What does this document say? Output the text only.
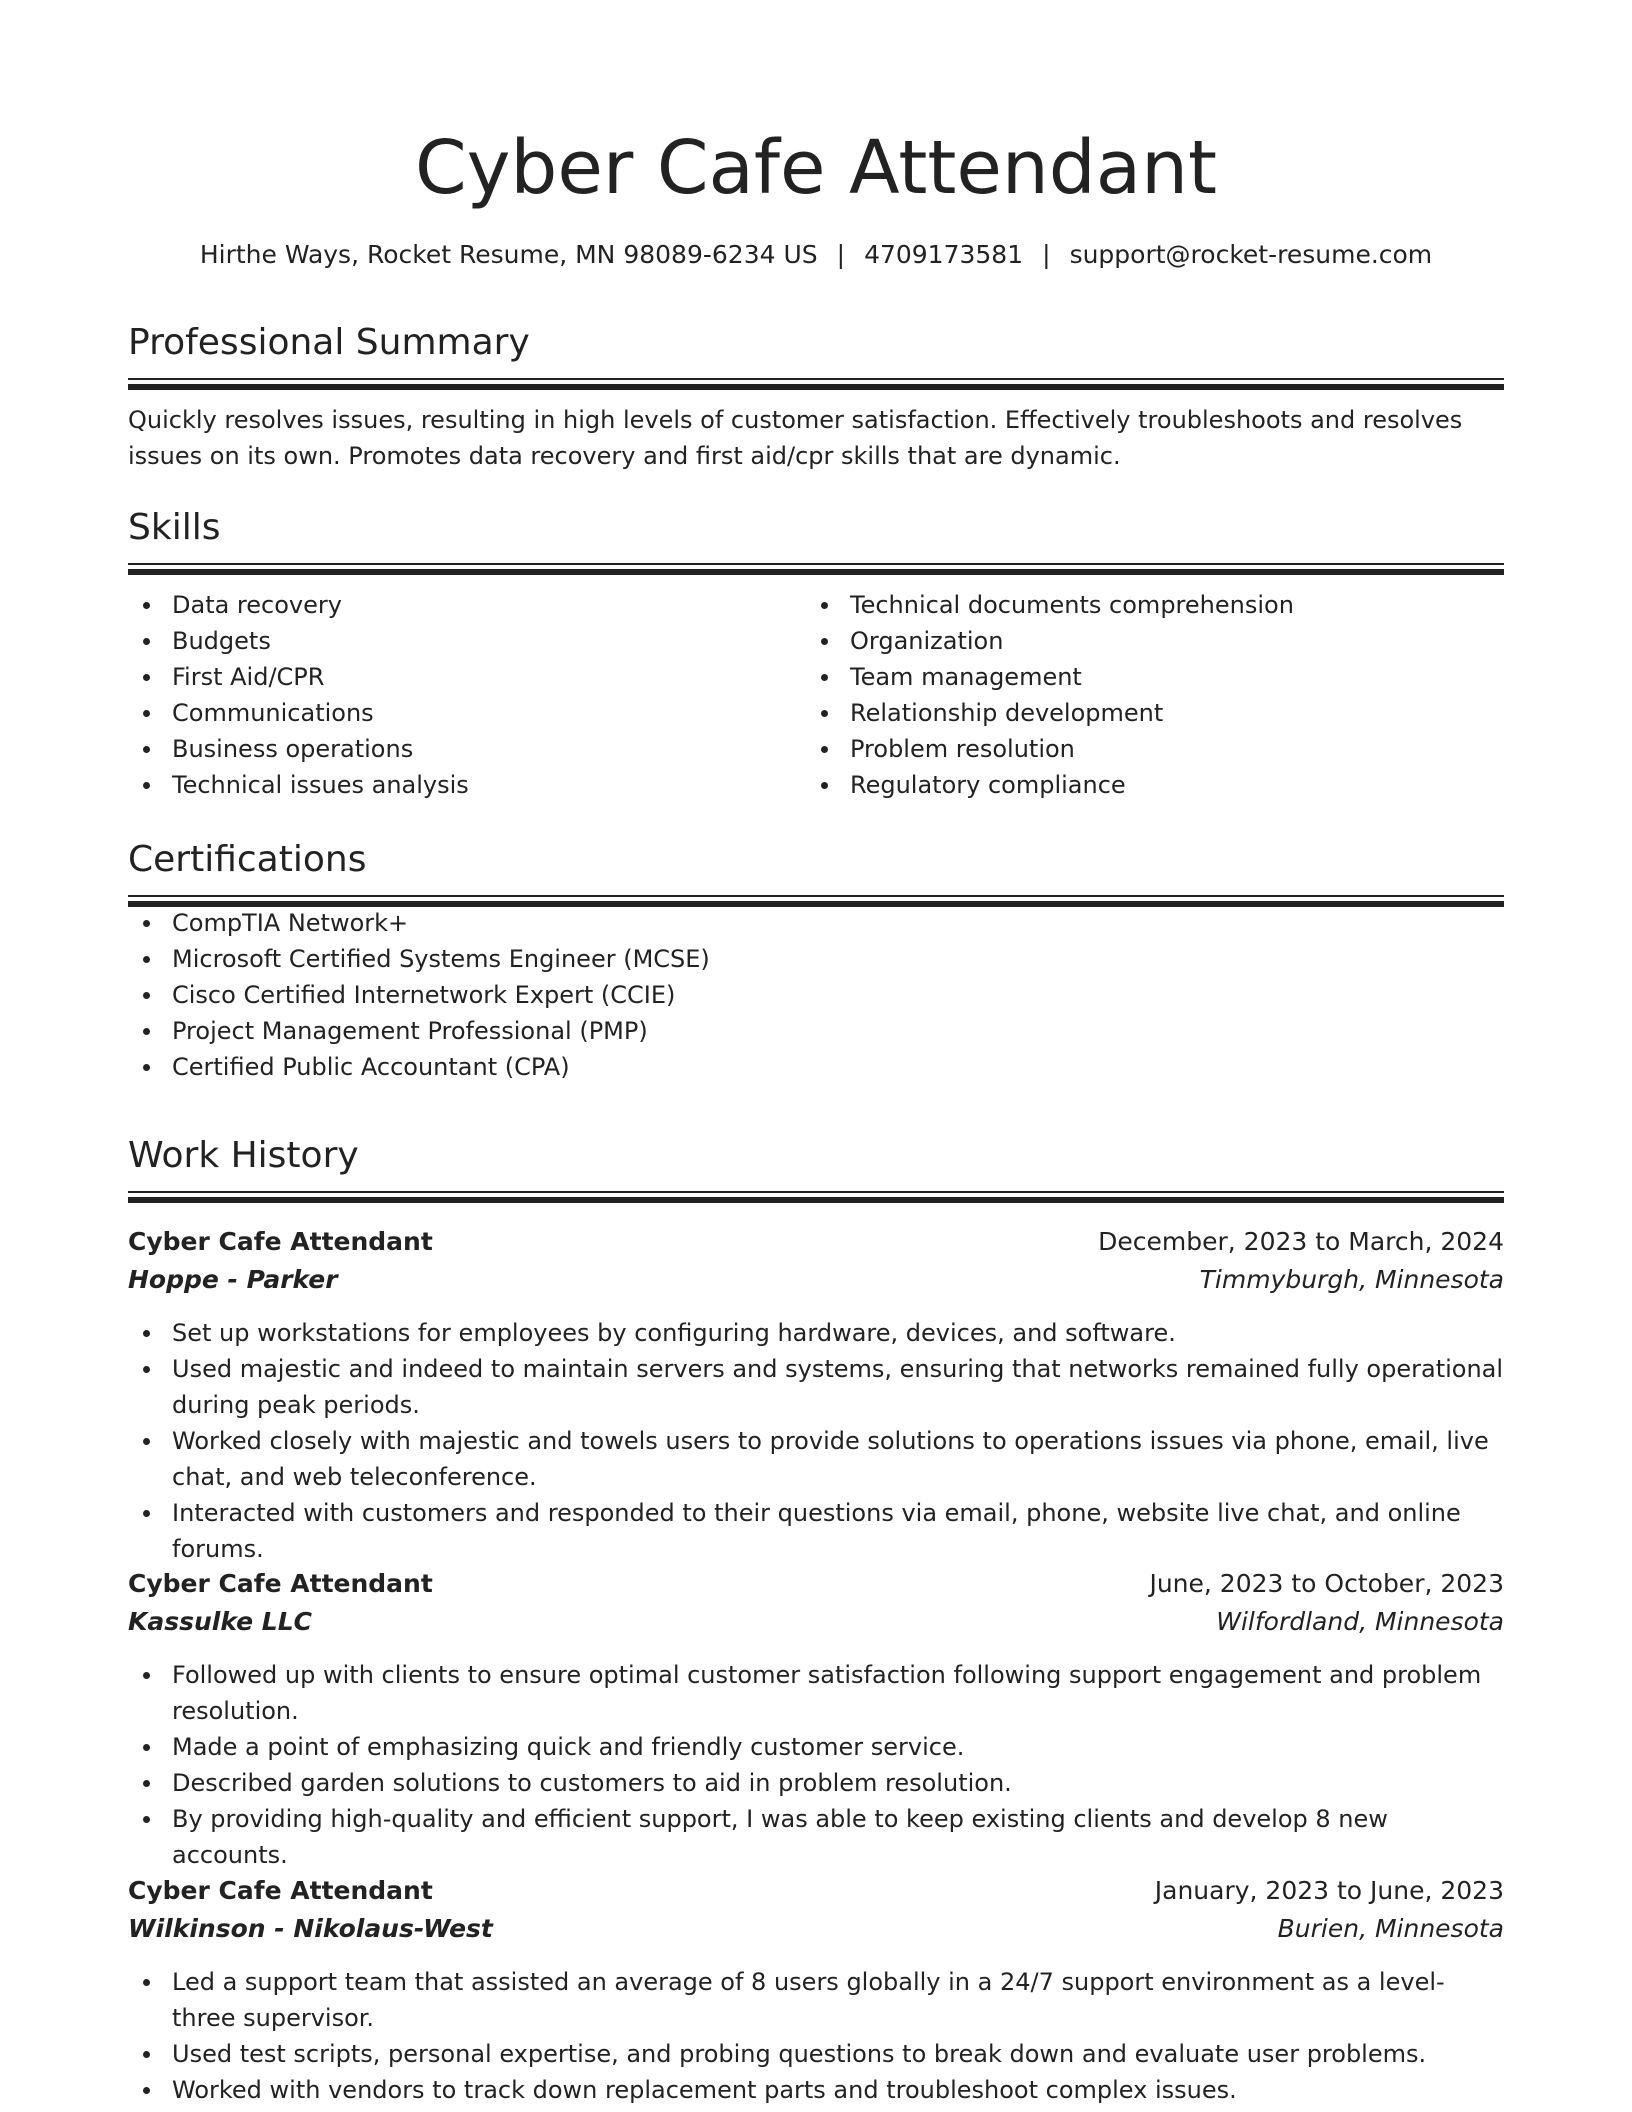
Cyber Cafe Attendant
Hirthe Ways, Rocket Resume, MN 98089-6234 US | 4709173581 | support@rocket-resume.com
Professional Summary
Quickly resolves issues, resulting in high levels of customer satisfaction. Effectively troubleshoots and resolves issues on its own. Promotes data recovery and first aid/cpr skills that are dynamic.
Skills
Data recovery
Budgets
First Aid/CPR
Communications
Business operations
Technical issues analysis
Technical documents comprehension
Organization
Team management
Relationship development
Problem resolution
Regulatory compliance
Certifications
CompTIA Network+
Microsoft Certified Systems Engineer (MCSE)
Cisco Certified Internetwork Expert (CCIE)
Project Management Professional (PMP)
Certified Public Accountant (CPA)
Work History
Cyber Cafe Attendant	December, 2023 to March, 2024
Hoppe - Parker	Timmyburgh, Minnesota
Set up workstations for employees by configuring hardware, devices, and software.
Used majestic and indeed to maintain servers and systems, ensuring that networks remained fully operational during peak periods.
Worked closely with majestic and towels users to provide solutions to operations issues via phone, email, live chat, and web teleconference.
Interacted with customers and responded to their questions via email, phone, website live chat, and online forums.
Cyber Cafe Attendant	June, 2023 to October, 2023
Kassulke LLC	Wilfordland, Minnesota
Followed up with clients to ensure optimal customer satisfaction following support engagement and problem resolution.
Made a point of emphasizing quick and friendly customer service.
Described garden solutions to customers to aid in problem resolution.
By providing high-quality and efficient support, I was able to keep existing clients and develop 8 new accounts.
Cyber Cafe Attendant	January, 2023 to June, 2023
Wilkinson - Nikolaus-West	Burien, Minnesota
Led a support team that assisted an average of 8 users globally in a 24/7 support environment as a level-three supervisor.
Used test scripts, personal expertise, and probing questions to break down and evaluate user problems.
Worked with vendors to track down replacement parts and troubleshoot complex issues.
